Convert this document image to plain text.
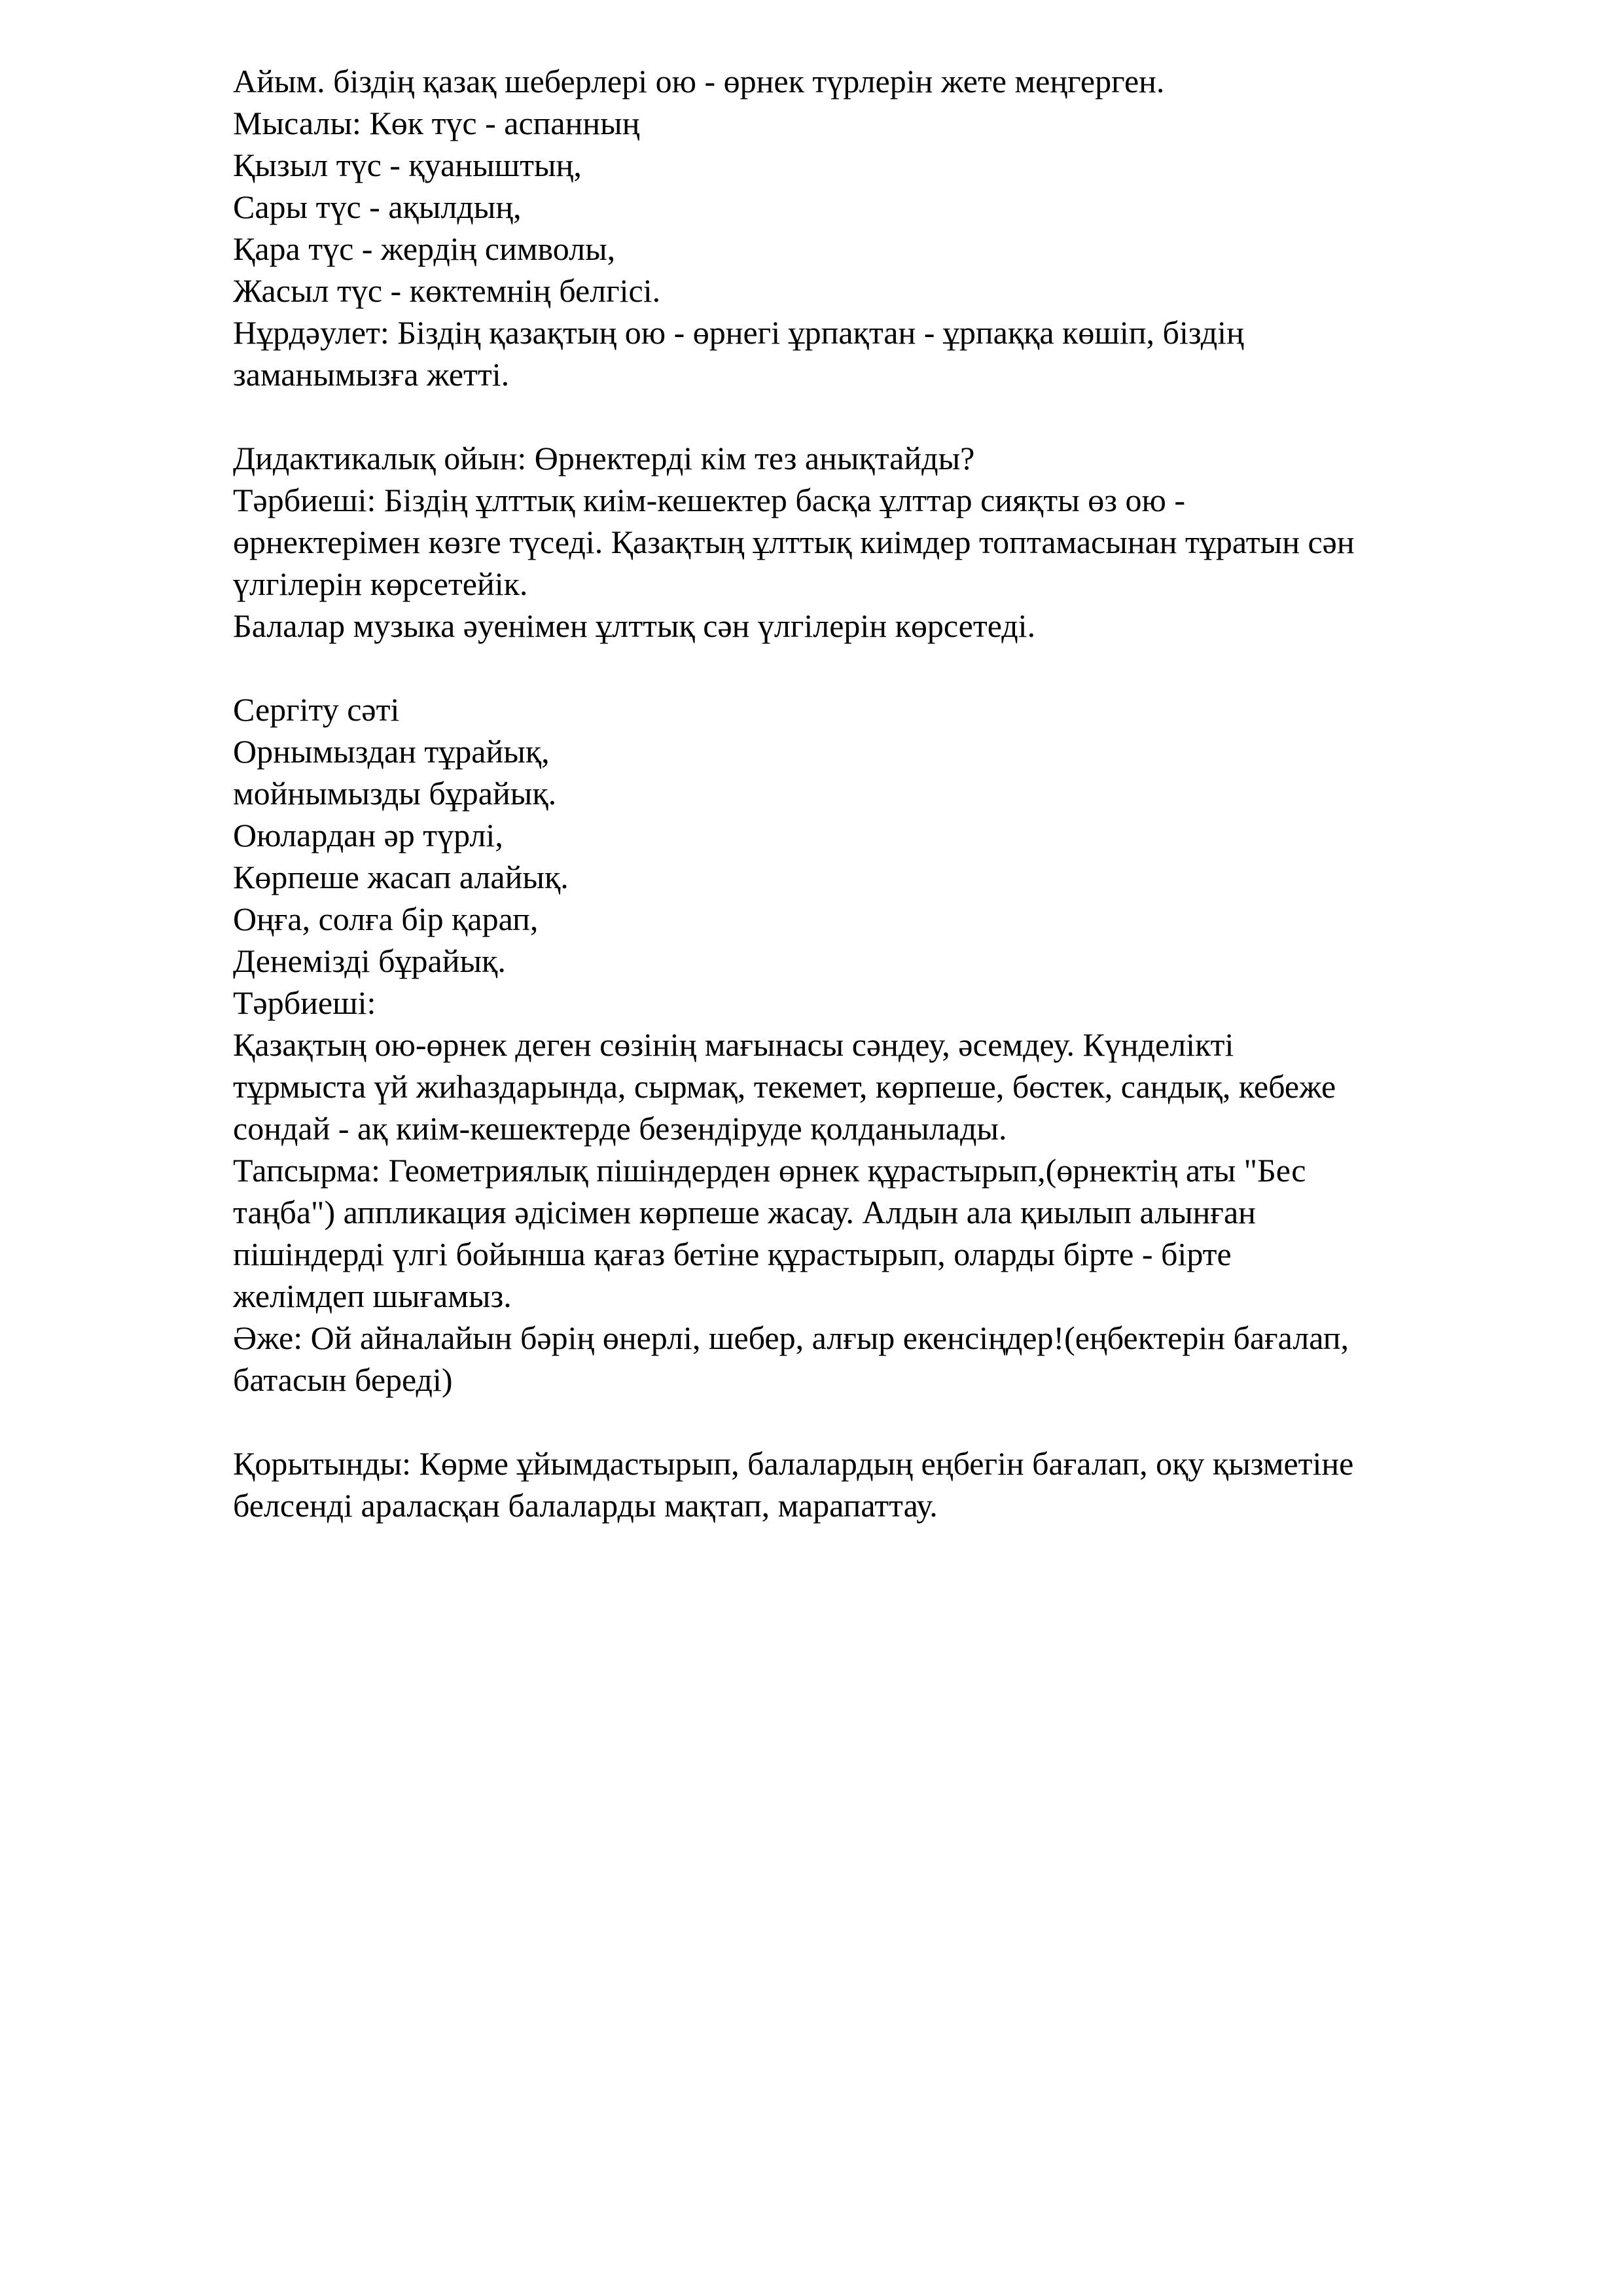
Айым. біздің қазақ шеберлері ою - өрнек түрлерін жете меңгерген.
Мысалы: Көк түс - аспанның
Қызыл түс - қуаныштың,
Сары түс - ақылдың,
Қара түс - жердің символы,
Жасыл түс - көктемнің белгісі.
Нұрдәулет: Біздің қазақтың ою - өрнегі ұрпақтан - ұрпаққа көшіп, біздің
заманымызға жетті.
Дидактикалық ойын: Өрнектерді кім тез анықтайды?
Тәрбиеші: Біздің ұлттық киім-кешектер басқа ұлттар сияқты өз ою -
өрнектерімен көзге түседі. Қазақтың ұлттық киімдер топтамасынан тұратын сән
үлгілерін көрсетейік.
Балалар музыка әуенімен ұлттық сән үлгілерін көрсетеді.
Сергіту сәті
Орнымыздан тұрайық,
мойнымызды бұрайық.
Оюлардан әр түрлі,
Көрпеше жасап алайық.
Оңға, солға бір қарап,
Денемізді бұрайық.
Тәрбиеші:
Қазақтың ою-өрнек деген сөзінің мағынасы сәндеу, әсемдеу. Күнделікті
тұрмыста үй жиһаздарында, сырмақ, текемет, көрпеше, бөстек, сандық, кебеже
сондай - ақ киім-кешектерде безендіруде қолданылады.
Тапсырма: Геометриялық пішіндерден өрнек құрастырып,(өрнектің аты "Бес
таңба") аппликация әдісімен көрпеше жасау. Алдын ала қиылып алынған
пішіндерді үлгі бойынша қағаз бетіне құрастырып, оларды бірте - бірте
желімдеп шығамыз.
Әже: Ой айналайын бәрің өнерлі, шебер, алғыр екенсіңдер!(еңбектерін бағалап,
батасын береді)
Қорытынды: Көрме ұйымдастырып, балалардың еңбегін бағалап, оқу қызметіне
белсенді араласқан балаларды мақтап, марапаттау.
